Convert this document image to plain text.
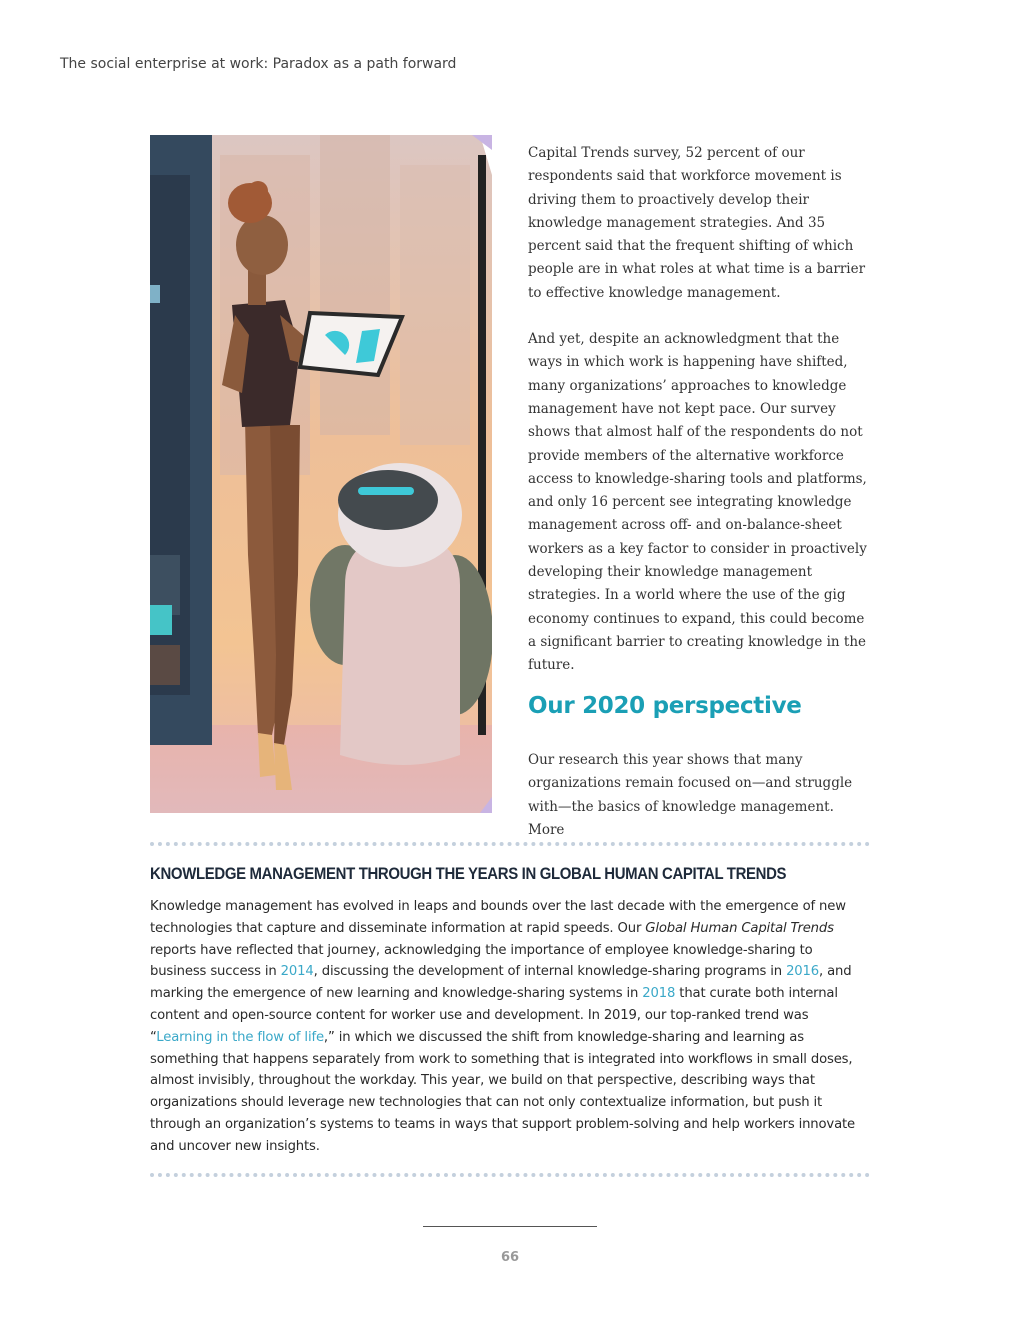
The social enterprise at work: Paradox as a path forward

Capital Trends survey, 52 percent of our respondents said that workforce movement is driving them to proactively develop their knowledge management strategies. And 35 percent said that the frequent shifting of which people are in what roles at what time is a barrier to effective knowledge management.

And yet, despite an acknowledgment that the ways in which work is happening have shifted, many organizations’ approaches to knowledge management have not kept pace. Our survey shows that almost half of the respondents do not provide members of the alternative workforce access to knowledge-sharing tools and platforms, and only 16 percent see integrating knowledge management across off- and on-balance-sheet workers as a key factor to consider in proactively developing their knowledge management strategies. In a world where the use of the gig economy continues to expand, this could become a significant barrier to creating knowledge in the future.

Our 2020 perspective
Our research this year shows that many organizations remain focused on—and struggle with—the basics of knowledge management. More
KNOWLEDGE MANAGEMENT THROUGH THE YEARS IN GLOBAL HUMAN CAPITAL TRENDS
Knowledge management has evolved in leaps and bounds over the last decade with the emergence of new technologies that capture and disseminate information at rapid speeds. Our Global Human Capital Trends reports have reflected that journey, acknowledging the importance of employee knowledge-sharing to business success in 2014, discussing the development of internal knowledge-sharing programs in 2016, and marking the emergence of new learning and knowledge-sharing systems in 2018 that curate both internal content and open-source content for worker use and development. In 2019, our top-ranked trend was “Learning in the flow of life,” in which we discussed the shift from knowledge-sharing and learning as something that happens separately from work to something that is integrated into workflows in small doses, almost invisibly, throughout the workday. This year, we build on that perspective, describing ways that organizations should leverage new technologies that can not only contextualize information, but push it through an organization’s systems to teams in ways that support problem-solving and help workers innovate and uncover new insights.
66
